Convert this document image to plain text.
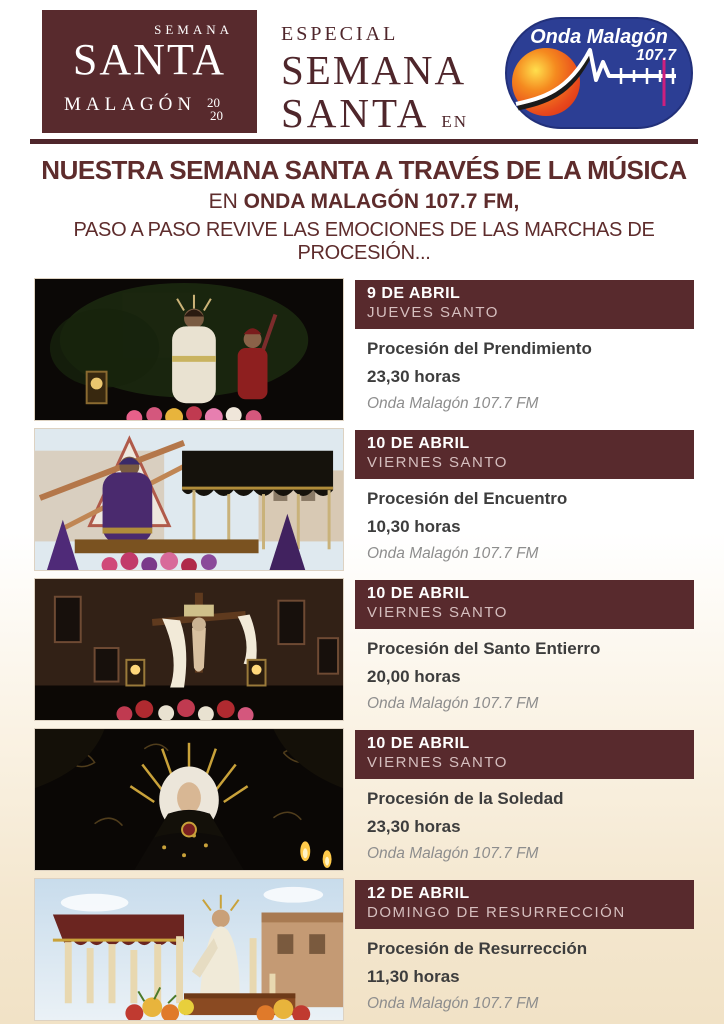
SEMANA
SANTA
MALAGÓN 20
20
ESPECIAL
SEMANA
SANTA EN
Onda Malagón
107.7
NUESTRA SEMANA SANTA A TRAVÉS DE LA MÚSICA
EN ONDA MALAGÓN 107.7 FM,
PASO A PASO REVIVE LAS EMOCIONES DE LAS MARCHAS DE PROCESIÓN...
9 DE ABRIL
JUEVES SANTO
Procesión del Prendimiento
23,30 horas
Onda Malagón 107.7 FM
10 DE ABRIL
VIERNES SANTO
Procesión del Encuentro
10,30 horas
Onda Malagón 107.7 FM
10 DE ABRIL
VIERNES SANTO
Procesión del Santo Entierro
20,00 horas
Onda Malagón 107.7 FM
10 DE ABRIL
VIERNES SANTO
Procesión de la Soledad
23,30 horas
Onda Malagón 107.7 FM
12 DE ABRIL
DOMINGO DE RESURRECCIÓN
Procesión de Resurrección
11,30 horas
Onda Malagón 107.7 FM
